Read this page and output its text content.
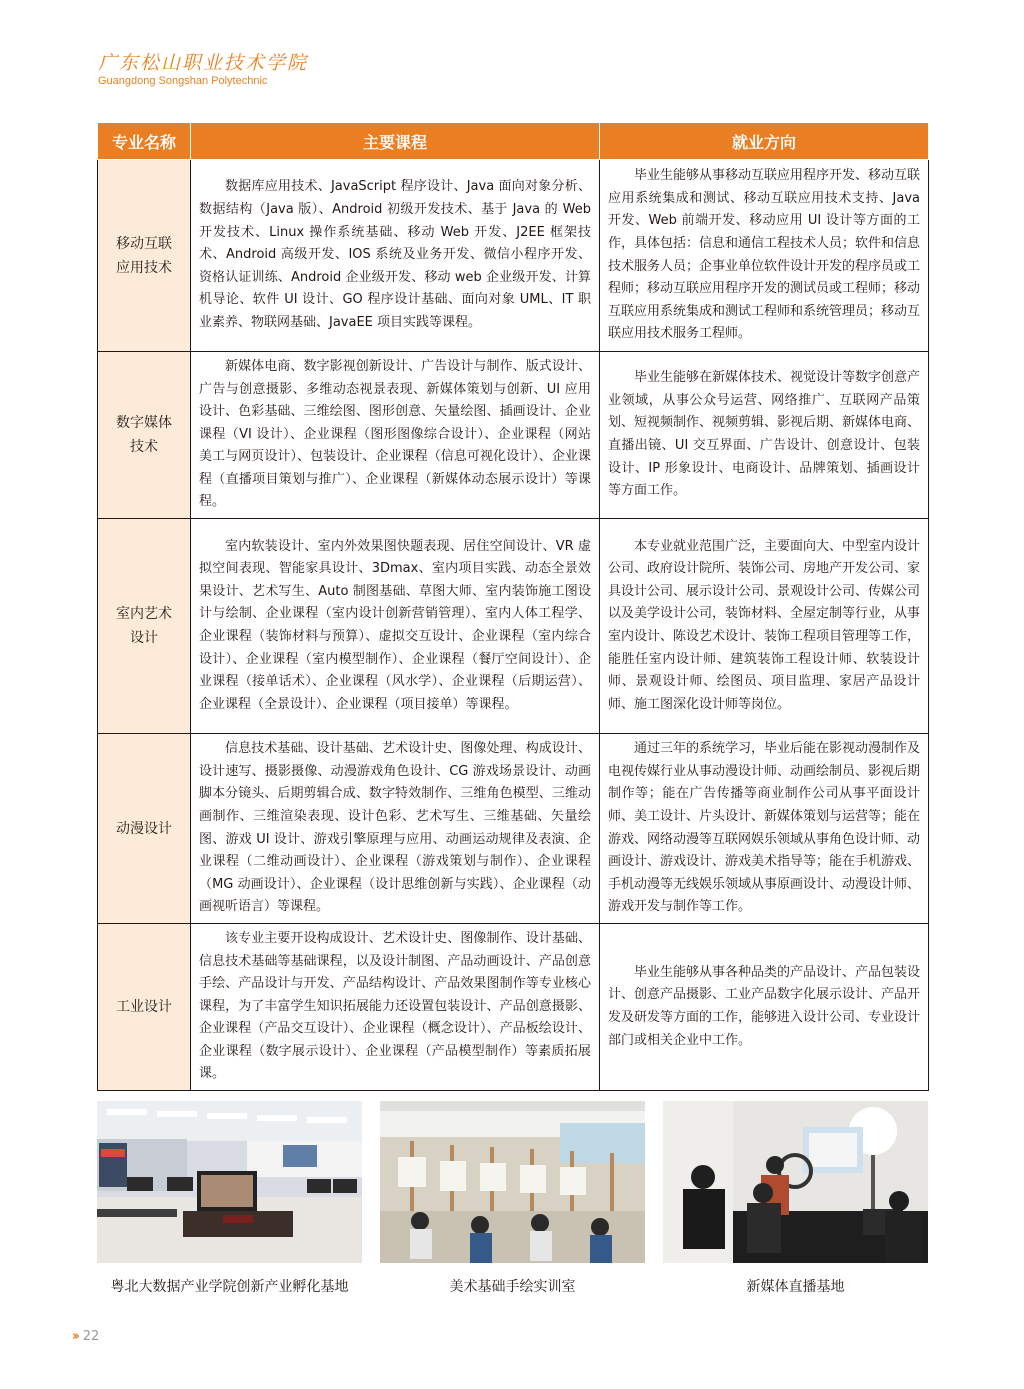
广东松山职业技术学院
Guangdong Songshan Polytechnic
专业名称	主要课程	就业方向
移动互联应用技术	数据库应用技术、JavaScript 程序设计、Java 面向对象分析、数据结构（Java 版）、Android 初级开发技术、基于 Java 的 Web 开发技术、Linux 操作系统基础、移动 Web 开发、J2EE 框架技术、Android 高级开发、IOS 系统及业务开发、微信小程序开发、资格认证训练、Android 企业级开发、移动 web 企业级开发、计算机导论、软件 UI 设计、GO 程序设计基础、面向对象 UML、IT 职业素养、物联网基础、JavaEE 项目实践等课程。	毕业生能够从事移动互联应用程序开发、移动互联应用系统集成和测试、移动互联应用技术支持、Java 开发、Web 前端开发、移动应用 UI 设计等方面的工作，具体包括：信息和通信工程技术人员；软件和信息技术服务人员；企事业单位软件设计开发的程序员或工程师；移动互联应用程序开发的测试员或工程师；移动互联应用系统集成和测试工程师和系统管理员；移动互联应用技术服务工程师。

数字媒体技术	新媒体电商、数字影视创新设计、广告设计与制作、版式设计、广告与创意摄影、多维动态视景表现、新媒体策划与创新、UI 应用设计、色彩基础、三维绘图、图形创意、矢量绘图、插画设计、企业课程（VI 设计）、企业课程（图形图像综合设计）、企业课程（网站美工与网页设计）、包装设计、企业课程（信息可视化设计）、企业课程（直播项目策划与推广）、企业课程（新媒体动态展示设计）等课程。	毕业生能够在新媒体技术、视觉设计等数字创意产业领域，从事公众号运营、网络推广、互联网产品策划、短视频制作、视频剪辑、影视后期、新媒体电商、直播出镜、UI 交互界面、广告设计、创意设计、包装设计、IP 形象设计、电商设计、品牌策划、插画设计等方面工作。

室内艺术设计	室内软装设计、室内外效果图快题表现、居住空间设计、VR 虚拟空间表现、智能家具设计、3Dmax、室内项目实践、动态全景效果设计、艺术写生、Auto 制图基础、草图大师、室内装饰施工图设计与绘制、企业课程（室内设计创新营销管理）、室内人体工程学、企业课程（装饰材料与预算）、虚拟交互设计、企业课程（室内综合设计）、企业课程（室内模型制作）、企业课程（餐厅空间设计）、企业课程（接单话术）、企业课程（风水学）、企业课程（后期运营）、企业课程（全景设计）、企业课程（项目接单）等课程。	本专业就业范围广泛，主要面向大、中型室内设计公司、政府设计院所、装饰公司、房地产开发公司、家具设计公司、展示设计公司、景观设计公司、传媒公司以及美学设计公司，装饰材料、全屋定制等行业，从事室内设计、陈设艺术设计、装饰工程项目管理等工作，能胜任室内设计师、建筑装饰工程设计师、软装设计师、景观设计师、绘图员、项目监理、家居产品设计师、施工图深化设计师等岗位。

动漫设计	信息技术基础、设计基础、艺术设计史、图像处理、构成设计、设计速写、摄影摄像、动漫游戏角色设计、CG 游戏场景设计、动画脚本分镜头、后期剪辑合成、数字特效制作、三维角色模型、三维动画制作、三维渲染表现、设计色彩、艺术写生、三维基础、矢量绘图、游戏 UI 设计、游戏引擎原理与应用、动画运动规律及表演、企业课程（二维动画设计）、企业课程（游戏策划与制作）、企业课程（MG 动画设计）、企业课程（设计思维创新与实践）、企业课程（动画视听语言）等课程。	通过三年的系统学习，毕业后能在影视动漫制作及电视传媒行业从事动漫设计师、动画绘制员、影视后期制作等；能在广告传播等商业制作公司从事平面设计师、美工设计、片头设计、新媒体策划与运营等；能在游戏、网络动漫等互联网娱乐领域从事角色设计师、动画设计、游戏设计、游戏美术指导等；能在手机游戏、手机动漫等无线娱乐领域从事原画设计、动漫设计师、游戏开发与制作等工作。

工业设计	该专业主要开设构成设计、艺术设计史、图像制作、设计基础、信息技术基础等基础课程，以及设计制图、产品动画设计、产品创意手绘、产品设计与开发、产品结构设计、产品效果图制作等专业核心课程，为了丰富学生知识拓展能力还设置包装设计、产品创意摄影、企业课程（产品交互设计）、企业课程（概念设计）、产品板绘设计、企业课程（数字展示设计）、企业课程（产品模型制作）等素质拓展课。	毕业生能够从事各种品类的产品设计、产品包装设计、创意产品摄影、工业产品数字化展示设计、产品开发及研发等方面的工作，能够进入设计公司、专业设计部门或相关企业中工作。

粤北大数据产业学院创新产业孵化基地	美术基础手绘实训室	新媒体直播基地
›› 22
